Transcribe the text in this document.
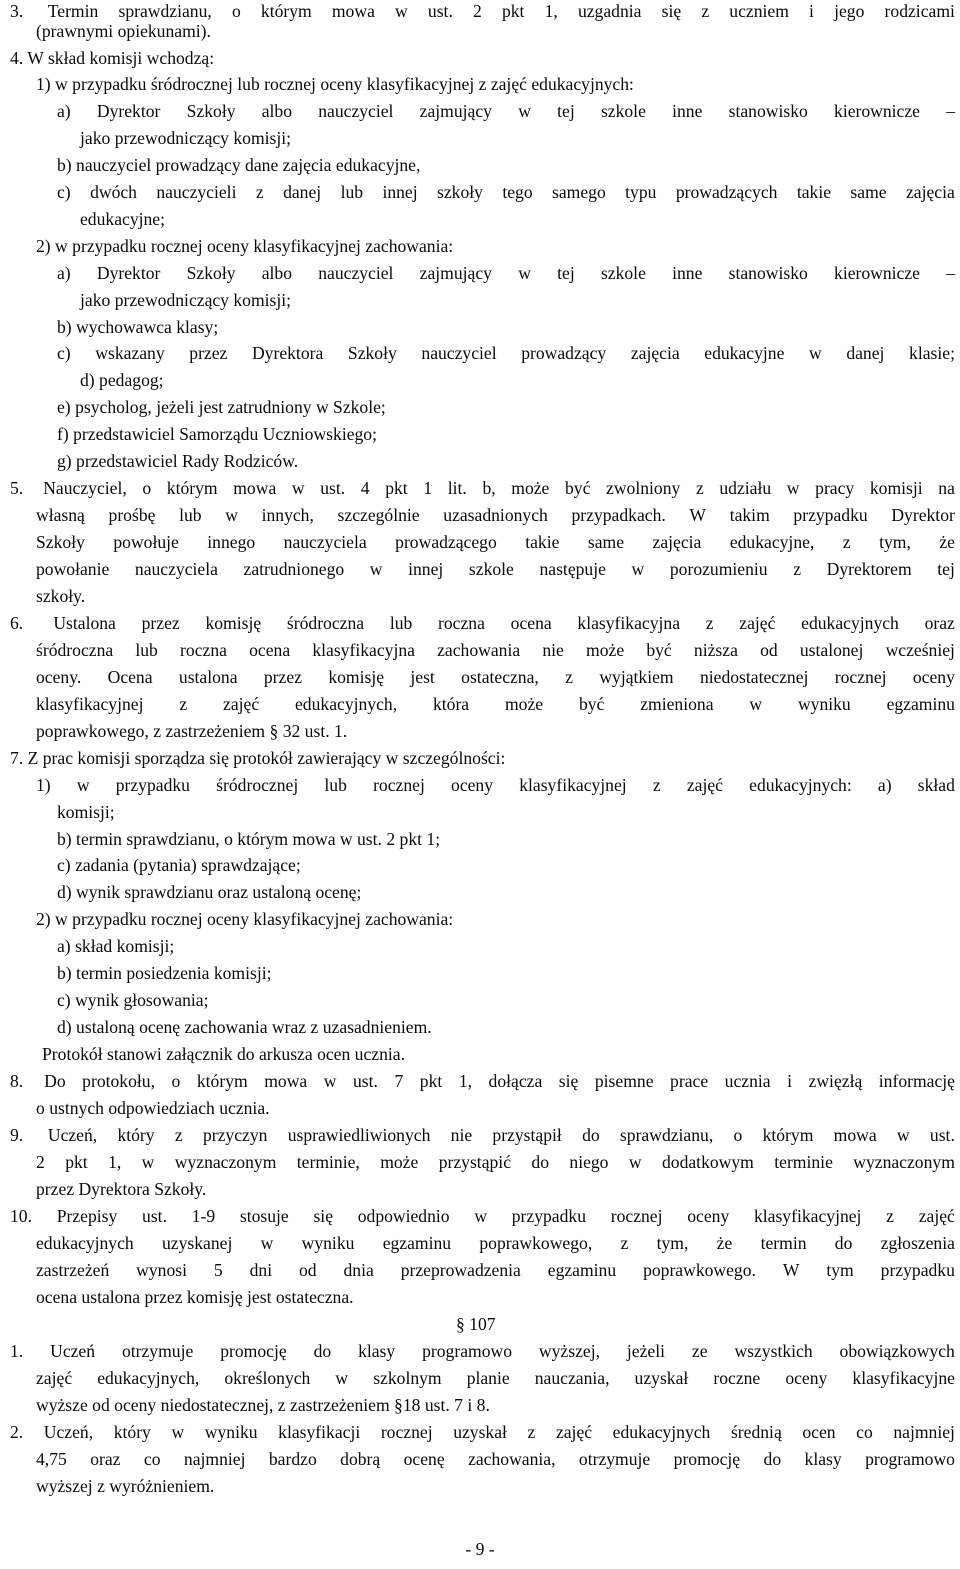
3. Termin sprawdzianu, o którym mowa w ust. 2 pkt 1, uzgadnia się z uczniem i jego rodzicami
(prawnymi opiekunami).
4. W skład komisji wchodzą:
1) w przypadku śródrocznej lub rocznej oceny klasyfikacyjnej z zajęć edukacyjnych:
a) Dyrektor Szkoły albo nauczyciel zajmujący w tej szkole inne stanowisko kierownicze –
jako przewodniczący komisji;
b) nauczyciel prowadzący dane zajęcia edukacyjne,
c) dwóch nauczycieli z danej lub innej szkoły tego samego typu prowadzących takie same zajęcia
edukacyjne;
2) w przypadku rocznej oceny klasyfikacyjnej zachowania:
a) Dyrektor Szkoły albo nauczyciel zajmujący w tej szkole inne stanowisko kierownicze –
jako przewodniczący komisji;
b) wychowawca klasy;
c) wskazany przez Dyrektora Szkoły nauczyciel prowadzący zajęcia edukacyjne w danej klasie;
d) pedagog;
e) psycholog, jeżeli jest zatrudniony w Szkole;
f) przedstawiciel Samorządu Uczniowskiego;
g) przedstawiciel Rady Rodziców.
5. Nauczyciel, o którym mowa w ust. 4 pkt 1 lit. b, może być zwolniony z udziału w pracy komisji na
własną prośbę lub w innych, szczególnie uzasadnionych przypadkach. W takim przypadku Dyrektor
Szkoły powołuje innego nauczyciela prowadzącego takie same zajęcia edukacyjne, z tym, że
powołanie nauczyciela zatrudnionego w innej szkole następuje w porozumieniu z Dyrektorem tej
szkoły.
6. Ustalona przez komisję śródroczna lub roczna ocena klasyfikacyjna z zajęć edukacyjnych oraz
śródroczna lub roczna ocena klasyfikacyjna zachowania nie może być niższa od ustalonej wcześniej
oceny. Ocena ustalona przez komisję jest ostateczna, z wyjątkiem niedostatecznej rocznej oceny
klasyfikacyjnej z zajęć edukacyjnych, która może być zmieniona w wyniku egzaminu
poprawkowego, z zastrzeżeniem § 32 ust. 1.
7. Z prac komisji sporządza się protokół zawierający w szczególności:
1) w przypadku śródrocznej lub rocznej oceny klasyfikacyjnej z zajęć edukacyjnych: a) skład
komisji;
b) termin sprawdzianu, o którym mowa w ust. 2 pkt 1;
c) zadania (pytania) sprawdzające;
d) wynik sprawdzianu oraz ustaloną ocenę;
2) w przypadku rocznej oceny klasyfikacyjnej zachowania:
a) skład komisji;
b) termin posiedzenia komisji;
c) wynik głosowania;
d) ustaloną ocenę zachowania wraz z uzasadnieniem.
Protokół stanowi załącznik do arkusza ocen ucznia.
8. Do protokołu, o którym mowa w ust. 7 pkt 1, dołącza się pisemne prace ucznia i zwięzłą informację
o ustnych odpowiedziach ucznia.
9. Uczeń, który z przyczyn usprawiedliwionych nie przystąpił do sprawdzianu, o którym mowa w ust.
2 pkt 1, w wyznaczonym terminie, może przystąpić do niego w dodatkowym terminie wyznaczonym
przez Dyrektora Szkoły.
10. Przepisy ust. 1-9 stosuje się odpowiednio w przypadku rocznej oceny klasyfikacyjnej z zajęć
edukacyjnych uzyskanej w wyniku egzaminu poprawkowego, z tym, że termin do zgłoszenia
zastrzeżeń wynosi 5 dni od dnia przeprowadzenia egzaminu poprawkowego. W tym przypadku
ocena ustalona przez komisję jest ostateczna.
§ 107
1. Uczeń otrzymuje promocję do klasy programowo wyższej, jeżeli ze wszystkich obowiązkowych
zajęć edukacyjnych, określonych w szkolnym planie nauczania, uzyskał roczne oceny klasyfikacyjne
wyższe od oceny niedostatecznej, z zastrzeżeniem §18 ust. 7 i 8.
2. Uczeń, który w wyniku klasyfikacji rocznej uzyskał z zajęć edukacyjnych średnią ocen co najmniej
4,75 oraz co najmniej bardzo dobrą ocenę zachowania, otrzymuje promocję do klasy programowo
wyższej z wyróżnieniem.
- 9 -
